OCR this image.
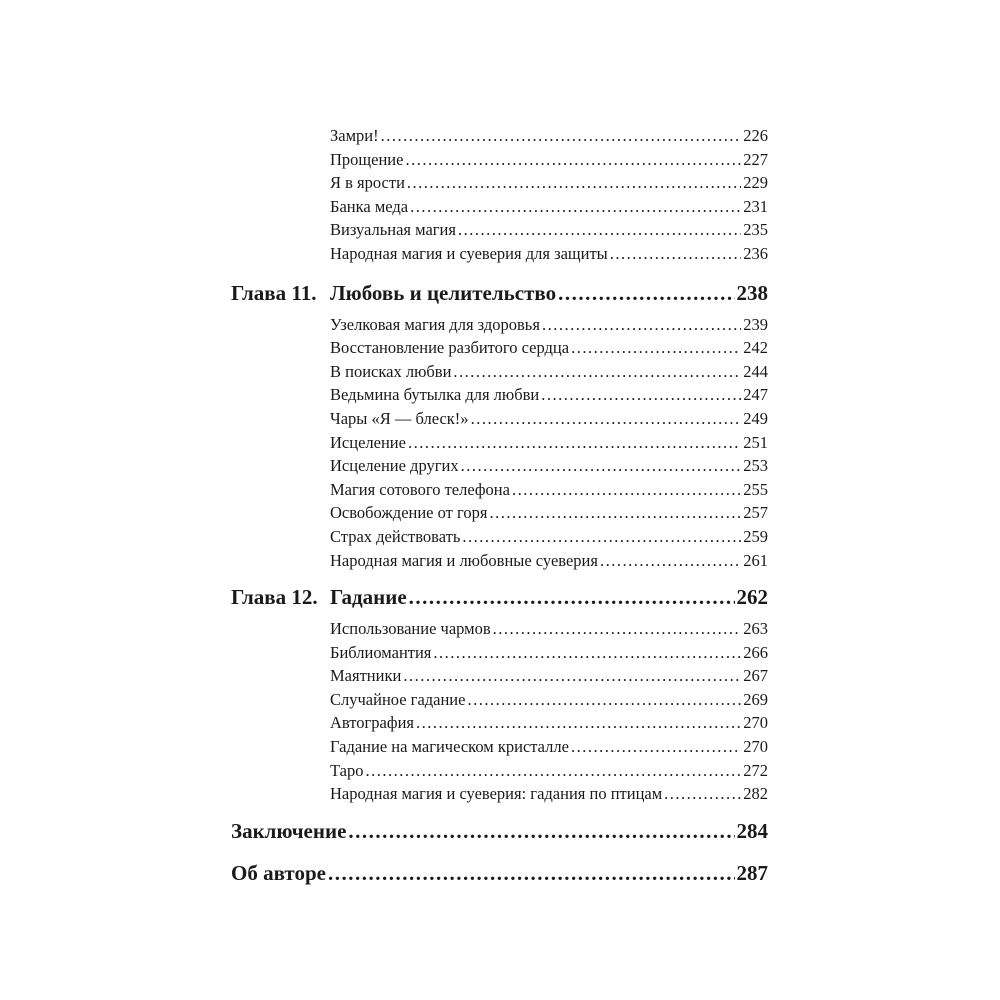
Замри! .....	226
Прощение .....	227
Я в ярости .....	229
Банка меда .....	231
Визуальная магия .....	235
Народная магия и суеверия для защиты .....	236
Глава 11. Любовь и целительство .....	238
Узелковая магия для здоровья .....	239
Восстановление разбитого сердца .....	242
В поисках любви .....	244
Ведьмина бутылка для любви .....	247
Чары «Я — блеск!» .....	249
Исцеление .....	251
Исцеление других .....	253
Магия сотового телефона .....	255
Освобождение от горя .....	257
Страх действовать .....	259
Народная магия и любовные суеверия .....	261
Глава 12. Гадание .....	262
Использование чармов .....	263
Библиомантия .....	266
Маятники .....	267
Случайное гадание .....	269
Автография .....	270
Гадание на магическом кристалле .....	270
Таро .....	272
Народная магия и суеверия: гадания по птицам .....	282
Заключение .....	284
Об авторе .....	287
